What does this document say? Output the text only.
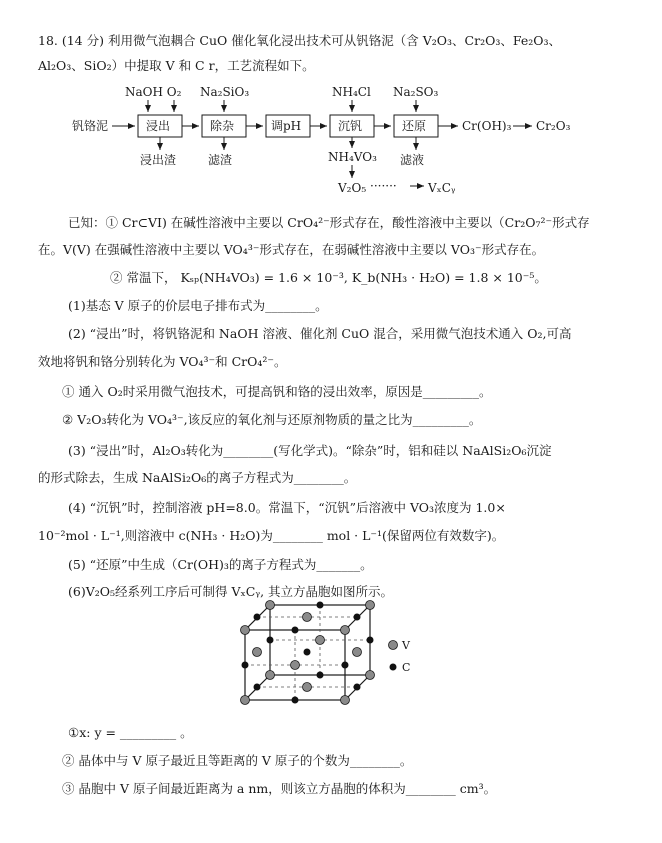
18. (14 分) 利用微气泡耦合 CuO 催化氧化浸出技术可从钒铬泥（含 V₂O₃、Cr₂O₃、Fe₂O₃、
Al₂O₃、SiO₂）中提取 V 和 C r，工艺流程如下。
钒铬泥	浸出	除杂	调pH	沉钒	还原	Cr(OH)₃ Cr₂O₃
NaOH O₂ Na₂SiO₃	NH₄Cl Na₂SO₃
浸出渣	滤渣	NH₄VO₃ 滤液
V₂O₅ ·······	VₓCᵧ
已知：① Cr⊂VI) 在碱性溶液中主要以 CrO₄²⁻形式存在，酸性溶液中主要以（Cr₂O₇²⁻形式存
在。V(V) 在强碱性溶液中主要以 VO₄³⁻形式存在，在弱碱性溶液中主要以 VO₃⁻形式存在。
② 常温下， Kₛₚ(NH₄VO₃) = 1.6 × 10⁻³, K_b(NH₃ · H₂O) = 1.8 × 10⁻⁵。
(1)基态 V 原子的价层电子排布式为________。
(2) “浸出”时，将钒铬泥和 NaOH 溶液、催化剂 CuO 混合，采用微气泡技术通入 O₂,可高
效地将钒和铬分别转化为 VO₄³⁻和 CrO₄²⁻。
① 通入 O₂时采用微气泡技术，可提高钒和铬的浸出效率，原因是_________。
② V₂O₃转化为 VO₄³⁻,该反应的氧化剂与还原剂物质的量之比为_________。
(3) “浸出”时，Al₂O₃转化为________(写化学式)。“除杂”时，铝和硅以 NaAlSi₂O₆沉淀
的形式除去，生成 NaAlSi₂O₆的离子方程式为________。
(4) “沉钒”时，控制溶液 pH=8.0。常温下，“沉钒”后溶液中 VO₃浓度为 1.0×
10⁻²mol · L⁻¹,则溶液中 c(NH₃ · H₂O)为________ mol · L⁻¹(保留两位有效数字)。
(5) “还原”中生成（Cr(OH)₃的离子方程式为_______。
(6)V₂O₅经系列工序后可制得 VₓCᵧ, 其立方晶胞如图所示。
V
C
①x: y = _________ 。
② 晶体中与 V 原子最近且等距离的 V 原子的个数为________。
③ 晶胞中 V 原子间最近距离为 a nm，则该立方晶胞的体积为________ cm³。
